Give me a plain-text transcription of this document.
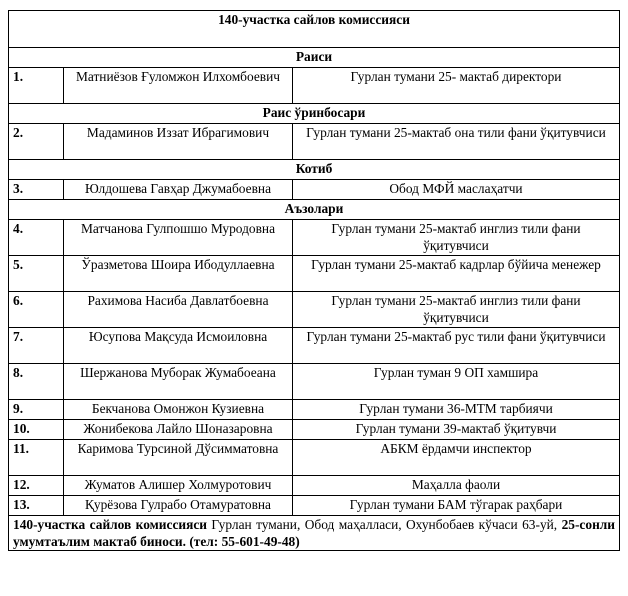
140-участка сайлов комиссияси		
Раиси		
1.	Матниёзов Ғуломжон Илхомбоевич	Гурлан тумани 25- мактаб директори
Раис ўринбосари		
2.	Мадаминов Иззат Ибрагимович	Гурлан тумани 25-мактаб она тили фани ўқитувчиси
Котиб		
3.	Юлдошева Гавҳар Джумабоевна	Обод МФЙ маслаҳатчи
Аъзолари		
4.	Матчанова Гулпошшо Муродовна	Гурлан тумани 25-мактаб инглиз тили фани ўқитувчиси
5.	Ўразметова Шоира Ибодуллаевна	Гурлан тумани 25-мактаб кадрлар бўйича менежер
6.	Рахимова Насиба Давлатбоевна	Гурлан тумани 25-мактаб инглиз тили фани ўқитувчиси
7.	Юсупова Мақсуда Исмоиловна	Гурлан тумани 25-мактаб рус тили фани ўқитувчиси
8.	Шержанова Муборак Жумабоеана	Гурлан туман 9 ОП хамшира
9.	Бекчанова Омонжон Кузиевна	Гурлан тумани 36-МТМ тарбиячи
10.	Жонибекова Лайло Шоназаровна	Гурлан тумани 39-мактаб ўқитувчи
11.	Каримова Турсиной Дўсимматовна	АБКМ ёрдамчи инспектор
12.	Жуматов Алишер Холмуротович	Маҳалла фаоли
13.	Қурёзова Гулрабо Отамуратовна	Гурлан тумани БАМ тўгарак раҳбари
140-участка сайлов комиссияси Гурлан тумани, Обод маҳалласи, Охунбобаев кўчаси 63-уй, 25-сонли умумтаълим мактаб биноси. (тел: 55-601-49-48)		
